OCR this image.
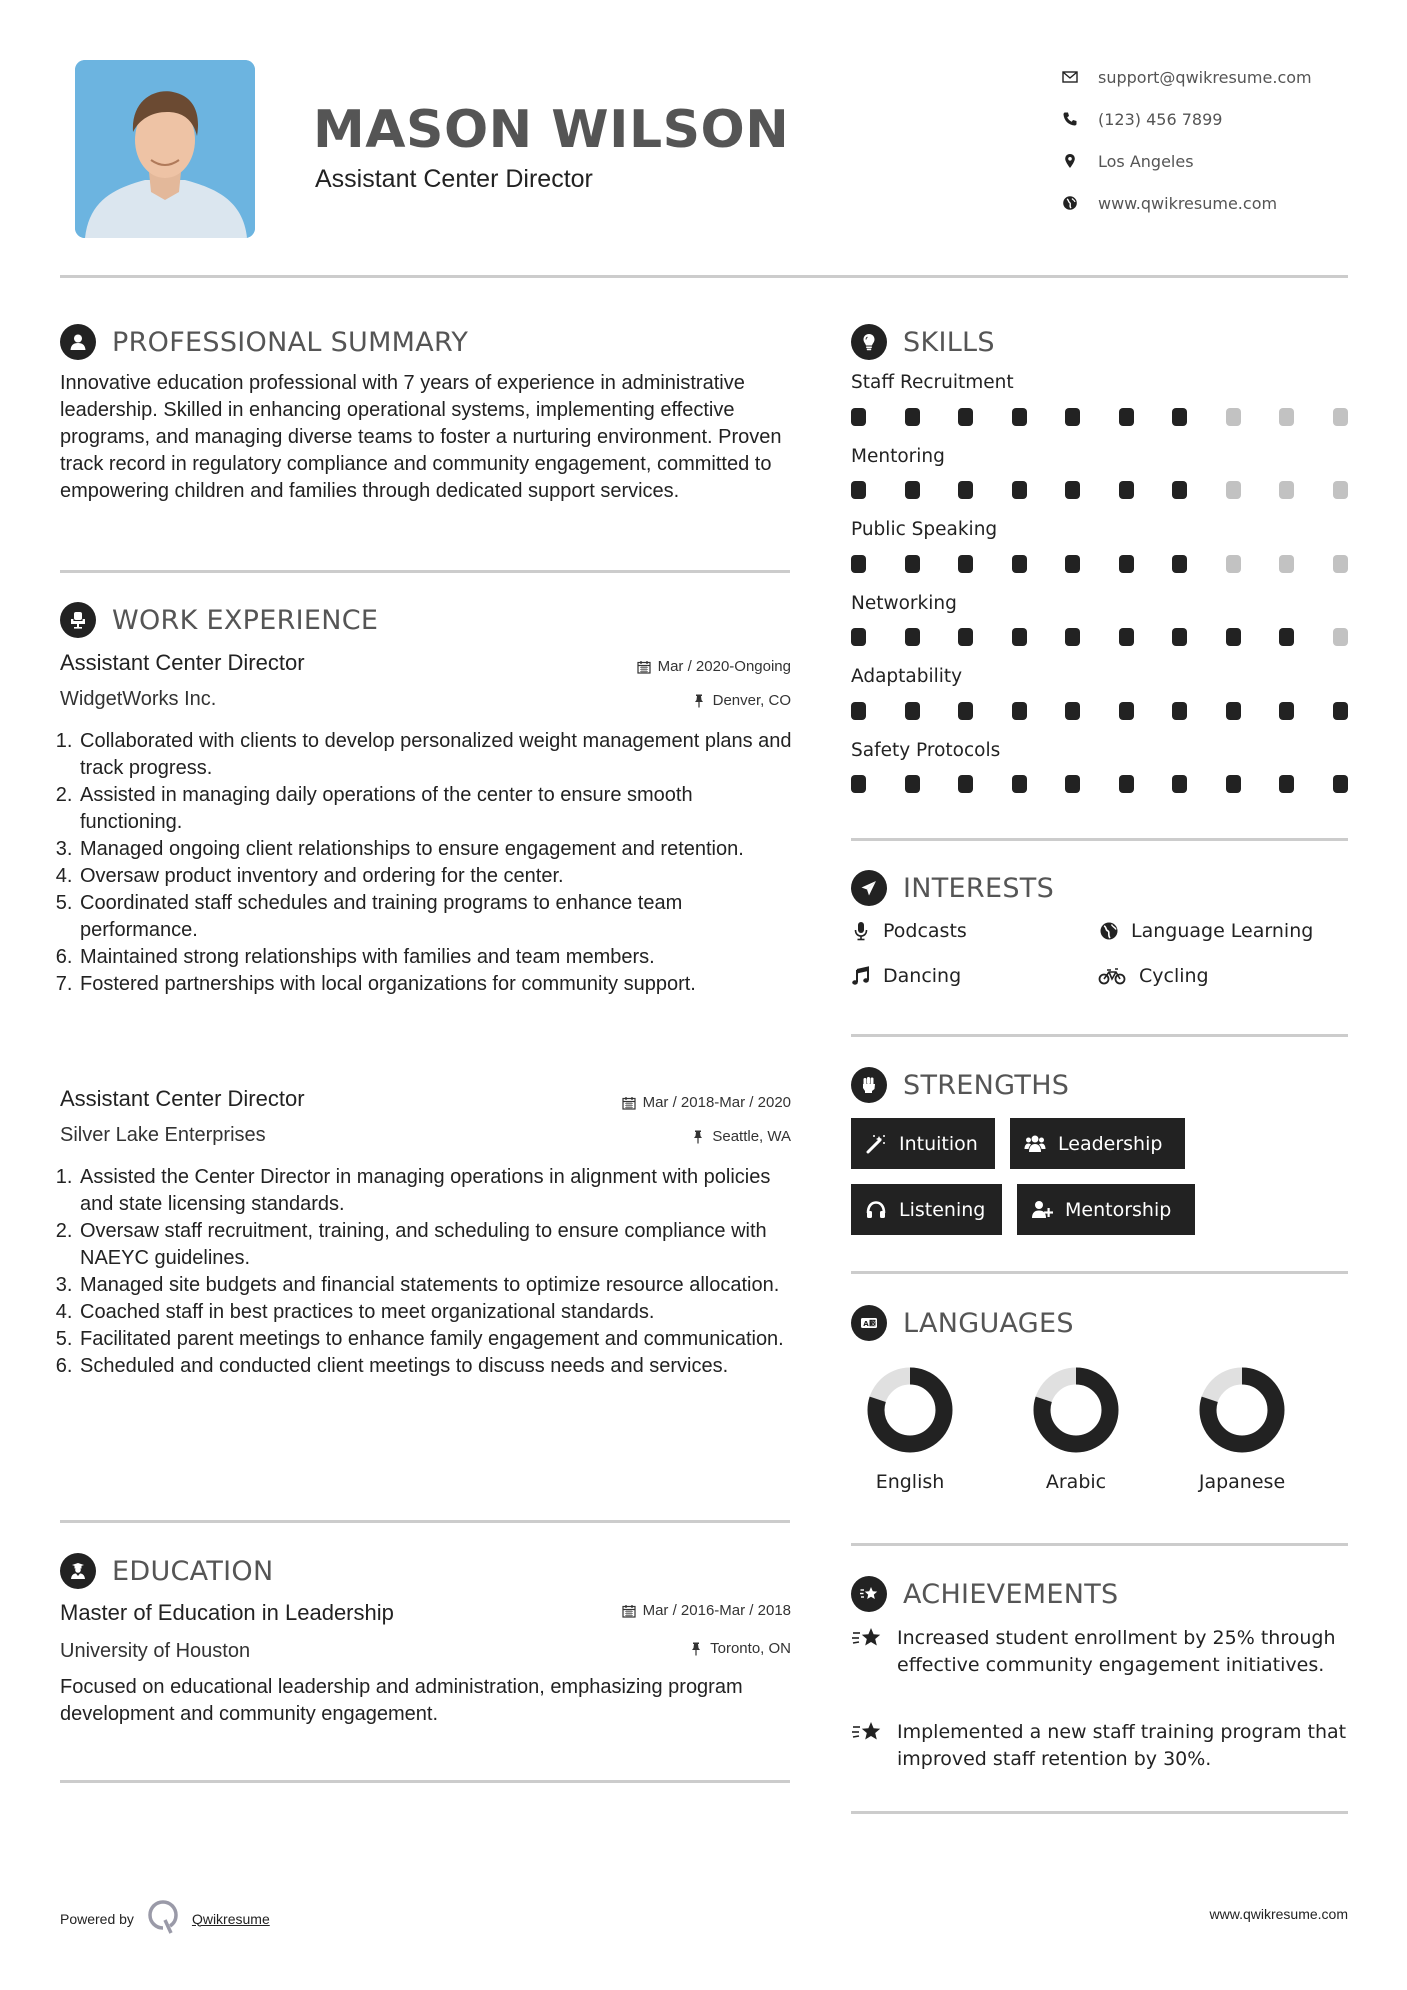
MASON WILSON
Assistant Center Director
support@qwikresume.com
(123) 456 7899
Los Angeles
www.qwikresume.com
PROFESSIONAL SUMMARY
Innovative education professional with 7 years of experience in administrative leadership. Skilled in enhancing operational systems, implementing effective programs, and managing diverse teams to foster a nurturing environment. Proven track record in regulatory compliance and community engagement, committed to empowering children and families through dedicated support services.
WORK EXPERIENCE
Assistant Center Director	Mar / 2020-Ongoing
WidgetWorks Inc.	Denver, CO
1. Collaborated with clients to develop personalized weight management plans and track progress.
2. Assisted in managing daily operations of the center to ensure smooth functioning.
3. Managed ongoing client relationships to ensure engagement and retention.
4. Oversaw product inventory and ordering for the center.
5. Coordinated staff schedules and training programs to enhance team performance.
6. Maintained strong relationships with families and team members.
7. Fostered partnerships with local organizations for community support.
Assistant Center Director	Mar / 2018-Mar / 2020
Silver Lake Enterprises	Seattle, WA
1. Assisted the Center Director in managing operations in alignment with policies and state licensing standards.
2. Oversaw staff recruitment, training, and scheduling to ensure compliance with NAEYC guidelines.
3. Managed site budgets and financial statements to optimize resource allocation.
4. Coached staff in best practices to meet organizational standards.
5. Facilitated parent meetings to enhance family engagement and communication.
6. Scheduled and conducted client meetings to discuss needs and services.
EDUCATION
Master of Education in Leadership	Mar / 2016-Mar / 2018
University of Houston	Toronto, ON
Focused on educational leadership and administration, emphasizing program development and community engagement.
SKILLS
Staff Recruitment
Mentoring
Public Speaking
Networking
Adaptability
Safety Protocols
INTERESTS
Podcasts	Language Learning
Dancing	Cycling
STRENGTHS
Intuition	Leadership
Listening	Mentorship
A 文 LANGUAGES
English	Arabic	Japanese
ACHIEVEMENTS
Increased student enrollment by 25% through effective community engagement initiatives.
Implemented a new staff training program that improved staff retention by 30%.
Powered by	Qwikresume	www.qwikresume.com
